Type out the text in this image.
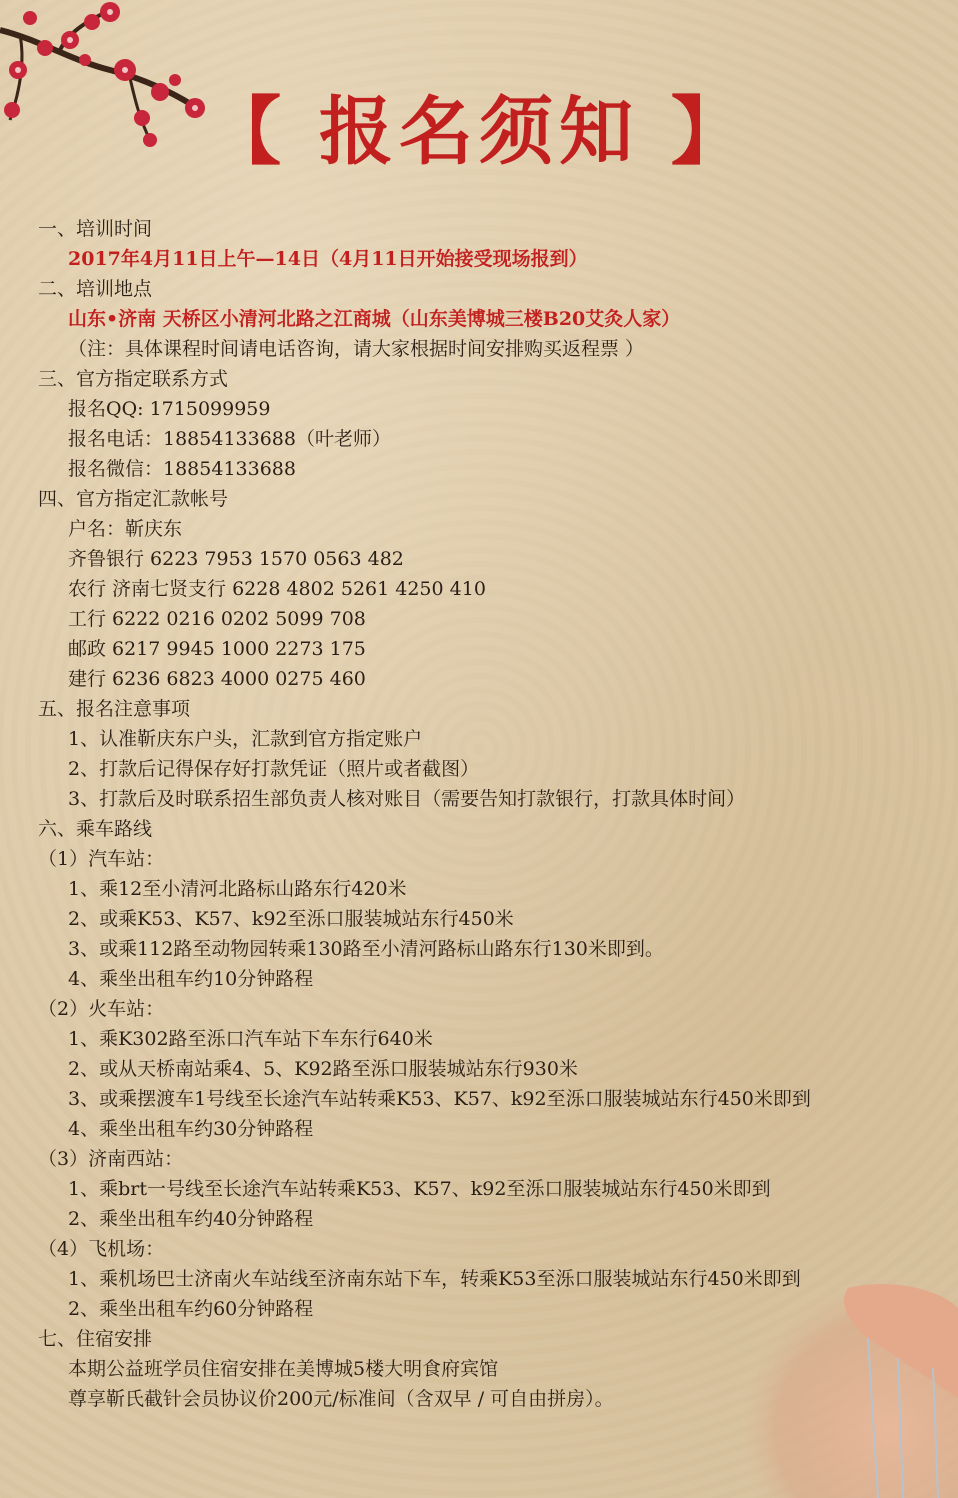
【 报名须知 】
一、培训时间
2017年4月11日上午—14日（4月11日开始接受现场报到）
二、培训地点
山东•济南 天桥区小清河北路之江商城（山东美博城三楼B20艾灸人家）
（注：具体课程时间请电话咨询，请大家根据时间安排购买返程票 ）
三、官方指定联系方式
报名QQ: 1715099959
报名电话：18854133688（叶老师）
报名微信：18854133688
四、官方指定汇款帐号
户名：靳庆东
齐鲁银行 6223 7953 1570 0563 482
农行 济南七贤支行 6228 4802 5261 4250 410
工行 6222 0216 0202 5099 708
邮政 6217 9945 1000 2273 175
建行 6236 6823 4000 0275 460
五、报名注意事项
1、认准靳庆东户头，汇款到官方指定账户
2、打款后记得保存好打款凭证（照片或者截图）
3、打款后及时联系招生部负责人核对账目（需要告知打款银行，打款具体时间）
六、乘车路线
（1）汽车站：
1、乘12至小清河北路标山路东行420米
2、或乘K53、K57、k92至泺口服装城站东行450米
3、或乘112路至动物园转乘130路至小清河路标山路东行130米即到。
4、乘坐出租车约10分钟路程
（2）火车站：
1、乘K302路至泺口汽车站下车东行640米
2、或从天桥南站乘4、5、K92路至泺口服装城站东行930米
3、或乘摆渡车1号线至长途汽车站转乘K53、K57、k92至泺口服装城站东行450米即到
4、乘坐出租车约30分钟路程
（3）济南西站：
1、乘brt一号线至长途汽车站转乘K53、K57、k92至泺口服装城站东行450米即到
2、乘坐出租车约40分钟路程
（4）飞机场：
1、乘机场巴士济南火车站线至济南东站下车，转乘K53至泺口服装城站东行450米即到
2、乘坐出租车约60分钟路程
七、住宿安排
本期公益班学员住宿安排在美博城5楼大明食府宾馆
尊享靳氏截针会员协议价200元/标准间（含双早 / 可自由拼房）。
